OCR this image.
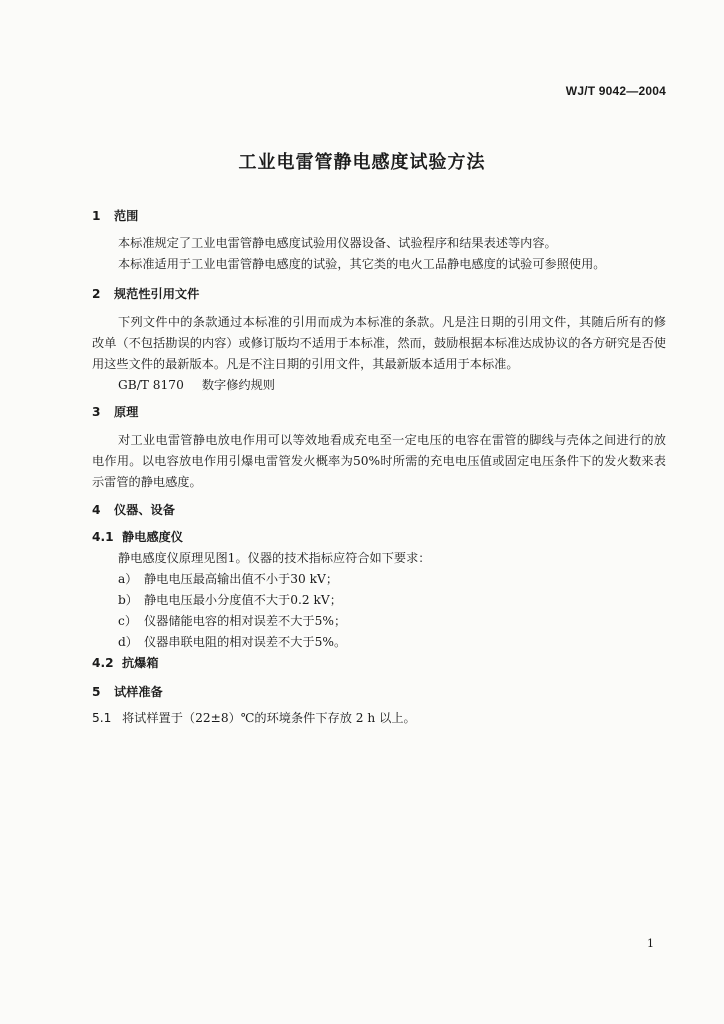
WJ/T 9042—2004
工业电雷管静电感度试验方法
1 范围
本标准规定了工业电雷管静电感度试验用仪器设备、试验程序和结果表述等内容。
本标准适用于工业电雷管静电感度的试验，其它类的电火工品静电感度的试验可参照使用。
2 规范性引用文件
下列文件中的条款通过本标准的引用而成为本标准的条款。凡是注日期的引用文件，其随后所有的修改单（不包括勘误的内容）或修订版均不适用于本标准，然而，鼓励根据本标准达成协议的各方研究是否使用这些文件的最新版本。凡是不注日期的引用文件，其最新版本适用于本标准。
GB/T 8170 数字修约规则
3 原理
对工业电雷管静电放电作用可以等效地看成充电至一定电压的电容在雷管的脚线与壳体之间进行的放电作用。以电容放电作用引爆电雷管发火概率为50%时所需的充电电压值或固定电压条件下的发火数来表示雷管的静电感度。
4 仪器、设备
4.1 静电感度仪
静电感度仪原理见图1。仪器的技术指标应符合如下要求：
a） 静电电压最高输出值不小于30 kV；
b） 静电电压最小分度值不大于0.2 kV；
c） 仪器储能电容的相对误差不大于5%；
d） 仪器串联电阻的相对误差不大于5%。
4.2 抗爆箱
5 试样准备
5.1 将试样置于（22±8）℃的环境条件下存放 2 h 以上。
1
